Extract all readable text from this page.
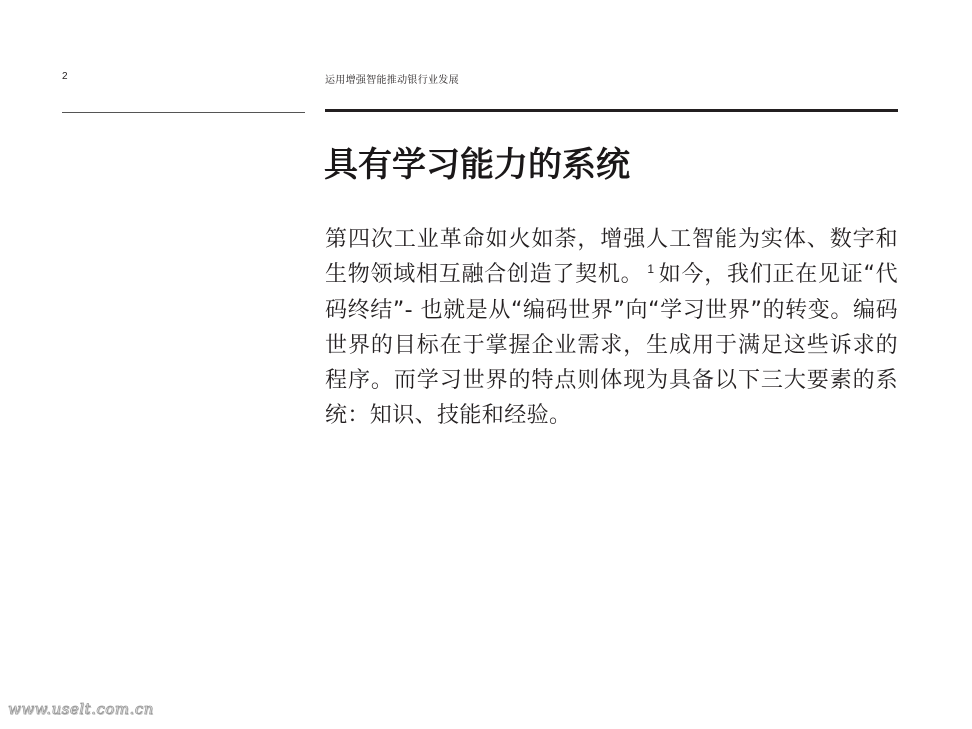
2	运用增强智能推动银行业发展
具有学习能力的系统

第四次工业革命如火如荼，增强人工智能为实体、数字和生物领域相互融合创造了契机。 $^1$ 如今，我们正在见证“代码终结”- 也就是从“编码世界”向“学习世界”的转变。编码世界的目标在于掌握企业需求，生成用于满足这些诉求的程序。而学习世界的特点则体现为具备以下三大要素的系统：知识、技能和经验。

www.uselt.com.cn
